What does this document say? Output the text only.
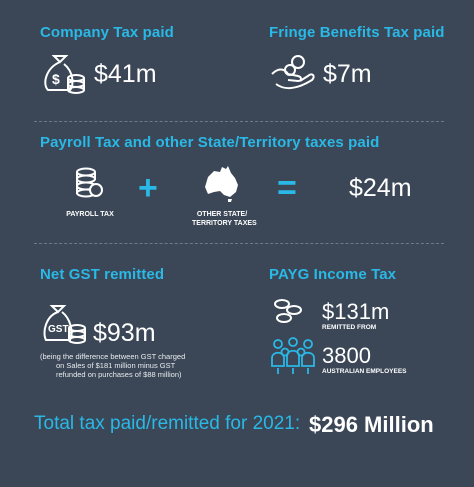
Company Tax paid
$ $41m
Fringe Benefits Tax paid
$7m
Payroll Tax and other State/Territory taxes paid
PAYROLL TAX
+
OTHER STATE/
TERRITORY TAXES
= $24m
Net GST remitted
GST $93m
(being the difference between GST charged
on Sales of $181 million minus GST
refunded on purchases of $88 million)
PAYG Income Tax
$131m
REMITTED FROM
3800
AUSTRALIAN EMPLOYEES
Total tax paid/remitted for 2021: $296 Million
